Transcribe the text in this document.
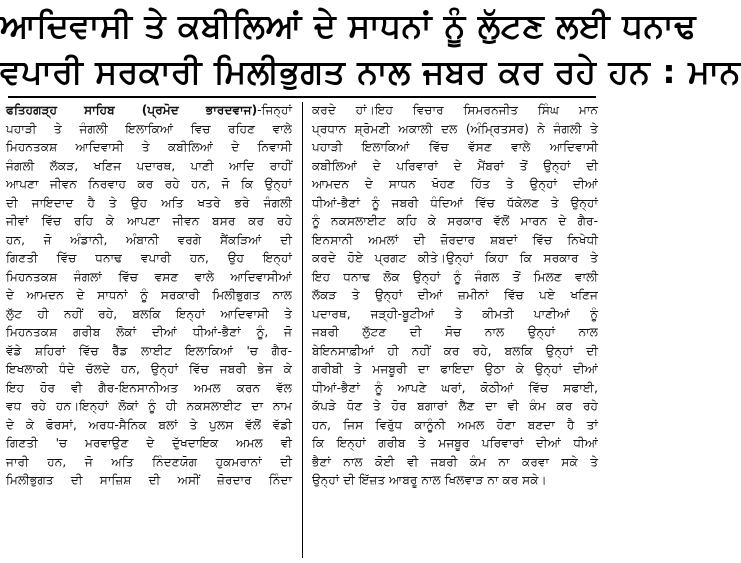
ਆਦਿਵਾਸੀ ਤੇ ਕਬੀਲਿਆਂ ਦੇ ਸਾਧਨਾਂ ਨੂੰ ਲੁੱਟਣ ਲਈ ਧਨਾਢ
ਵਪਾਰੀ ਸਰਕਾਰੀ ਮਿਲੀਭੁਗਤ ਨਾਲ ਜਬਰ ਕਰ ਰਹੇ ਹਨ : ਮਾਨ
ਫਤਿਹਗੜ੍ਹ ਸਾਹਿਬ (ਪ੍ਰਮੋਦ ਭਾਰਦਵਾਜ)-ਜਿਨ੍ਹਾਂ
ਪਹਾੜੀ ਤੇ ਜੰਗਲੀ ਇਲਾਕਿਆਂ ਵਿਚ ਰਹਿਣ ਵਾਲੇ
ਮਿਹਨਤਕਸ਼ ਆਦਿਵਾਸੀ ਤੇ ਕਬੀਲਿਆਂ ਦੇ ਨਿਵਾਸੀ
ਜੰਗਲੀ ਲੱਕੜ, ਖਣਿਜ ਪਦਾਰਥ, ਪਾਣੀ ਆਦਿ ਰਾਹੀਂ
ਆਪਣਾ ਜੀਵਨ ਨਿਰਵਾਹ ਕਰ ਰਹੇ ਹਨ, ਜੋ ਕਿ ਉਨ੍ਹਾਂ
ਦੀ ਜਾਇਦਾਦ ਹੈ ਤੇ ਉਹ ਅਤਿ ਖਤਰੇ ਭਰੇ ਜੰਗਲੀ
ਜੀਵਾਂ ਵਿੱਚ ਰਹਿ ਕੇ ਆਪਣਾ ਜੀਵਨ ਬਸਰ ਕਰ ਰਹੇ
ਹਨ, ਜੋ ਅੰਡਾਨੀ, ਅੰਬਾਨੀ ਵਰਗੇ ਸੈਂਕੜਿਆਂ ਦੀ
ਗਿਣਤੀ ਵਿੱਚ ਧਨਾਢ ਵਪਾਰੀ ਹਨ, ਉਹ ਇਨ੍ਹਾਂ
ਮਿਹਨਤਕਸ਼ ਜੰਗਲਾਂ ਵਿੱਚ ਵਸਣ ਵਾਲੇ ਆਦਿਵਾਸੀਆਂ
ਦੇ ਆਮਦਨ ਦੇ ਸਾਧਨਾਂ ਨੂੰ ਸਰਕਾਰੀ ਮਿਲੀਭੁਗਤ ਨਾਲ
ਲੁੱਟ ਹੀ ਨਹੀਂ ਰਹੇ, ਬਲਕਿ ਇਨ੍ਹਾਂ ਆਦਿਵਾਸੀ ਤੇ
ਮਿਹਨਤਕਸ਼ ਗਰੀਬ ਲੋਕਾਂ ਦੀਆਂ ਧੀਆਂ-ਭੈਣਾਂ ਨੂੰ, ਜੋ
ਵੱਡੇ ਸ਼ਹਿਰਾਂ ਵਿੱਚ ਰੈੱਡ ਲਾਈਟ ਇਲਾਕਿਆਂ 'ਚ ਗੈਰ-
ਇਖਲਾਕੀ ਧੰਦੇ ਚੱਲਦੇ ਹਨ, ਉਨ੍ਹਾਂ ਵਿੱਚ ਜਬਰੀ ਭੇਜ ਕੇ
ਇਹ ਹੋਰ ਵੀ ਗੈਰ-ਇਨਸਾਨੀਅਤ ਅਮਲ ਕਰਨ ਵੱਲ
ਵਧ ਰਹੇ ਹਨ।ਇਨ੍ਹਾਂ ਲੋਕਾਂ ਨੂੰ ਹੀ ਨਕਸਲਾਈਟ ਦਾ ਨਾਮ
ਦੇ ਕੇ ਫੋਰਸਾਂ, ਅਰਧ-ਸੈਨਿਕ ਬਲਾਂ ਤੇ ਪੁਲਸ ਵੱਲੋਂ ਵੱਡੀ
ਗਿਣਤੀ 'ਚ ਮਰਵਾਉਣ ਦੇ ਦੁੱਖਦਾਇਕ ਅਮਲ ਵੀ
ਜਾਰੀ ਹਨ, ਜੋ ਅਤਿ ਨਿੰਦਣਯੋਗ ਹੁਕਮਰਾਨਾਂ ਦੀ
ਮਿਲੀਭੁਗਤ ਦੀ ਸਾਜ਼ਿਸ਼ ਦੀ ਅਸੀਂ ਜ਼ੋਰਦਾਰ ਨਿੰਦਾ
ਕਰਦੇ ਹਾਂ।ਇਹ ਵਿਚਾਰ ਸਿਮਰਨਜੀਤ ਸਿੰਘ ਮਾਨ
ਪ੍ਰਧਾਨ ਸ਼੍ਰੋਮਣੀ ਅਕਾਲੀ ਦਲ (ਅੰਮ੍ਰਿਤਸਰ) ਨੇ ਜੰਗਲੀ ਤੇ
ਪਹਾੜੀ ਇਲਾਕਿਆਂ ਵਿੱਚ ਵੱਸਣ ਵਾਲੇ ਆਦਿਵਾਸੀ
ਕਬੀਲਿਆਂ ਦੇ ਪਰਿਵਾਰਾਂ ਦੇ ਮੈਂਬਰਾਂ ਤੋਂ ਉਨ੍ਹਾਂ ਦੀ
ਆਮਦਨ ਦੇ ਸਾਧਨ ਖੋਹਣ ਹਿੱਤ ਤੇ ਉਨ੍ਹਾਂ ਦੀਆਂ
ਧੀਆਂ-ਭੈਣਾਂ ਨੂੰ ਜਬਰੀ ਧੰਦਿਆਂ ਵਿੱਚ ਧੱਕੇਲਣ ਤੇ ਉਨ੍ਹਾਂ
ਨੂੰ ਨਕਸਲਾਈਟ ਕਹਿ ਕੇ ਸਰਕਾਰ ਵੱਲੋਂ ਮਾਰਨ ਦੇ ਗੈਰ-
ਇਨਸਾਨੀ ਅਮਲਾਂ ਦੀ ਜ਼ੋਰਦਾਰ ਸ਼ਬਦਾਂ ਵਿੱਚ ਨਿਖੇਧੀ
ਕਰਦੇ ਹੋਏ ਪ੍ਰਗਟ ਕੀਤੇ।ਉਨ੍ਹਾਂ ਕਿਹਾ ਕਿ ਸਰਕਾਰ ਤੇ
ਇਹ ਧਨਾਢ ਲੋਕ ਉਨ੍ਹਾਂ ਨੂੰ ਜੰਗਲ ਤੋਂ ਮਿਲਣ ਵਾਲੀ
ਲੱਕੜ ਤੇ ਉਨ੍ਹਾਂ ਦੀਆਂ ਜ਼ਮੀਨਾਂ ਵਿੱਚ ਪਏ ਖਣਿਜ
ਪਦਾਰਥ, ਜੜ੍ਹੀ-ਬੂਟੀਆਂ ਤੇ ਕੀਮਤੀ ਪਾਣੀਆਂ ਨੂੰ
ਜਬਰੀ ਲੁੱਟਣ ਦੀ ਸੋਚ ਨਾਲ ਉਨ੍ਹਾਂ ਨਾਲ
ਬੇਇਨਸਾਫ਼ੀਆਂ ਹੀ ਨਹੀਂ ਕਰ ਰਹੇ, ਬਲਕਿ ਉਨ੍ਹਾਂ ਦੀ
ਗਰੀਬੀ ਤੇ ਮਜਬੂਰੀ ਦਾ ਫਾਇਦਾ ਉਠਾ ਕੇ ਉਨ੍ਹਾਂ ਦੀਆਂ
ਧੀਆਂ-ਭੈਣਾਂ ਨੂੰ ਆਪਣੇ ਘਰਾਂ, ਕੋਠੀਆਂ ਵਿੱਚ ਸਫਾਈ,
ਕੱਪੜੇ ਧੋਣ ਤੇ ਹੋਰ ਬਗਾਰਾਂ ਲੈਣ ਦਾ ਵੀ ਕੰਮ ਕਰ ਰਹੇ
ਹਨ, ਜਿਸ ਵਿਰੁੱਧ ਕਾਨੂੰਨੀ ਅਮਲ ਹੋਣਾ ਬਣਦਾ ਹੈ ਤਾਂ
ਕਿ ਇਨ੍ਹਾਂ ਗਰੀਬ ਤੇ ਮਜਬੂਰ ਪਰਿਵਾਰਾਂ ਦੀਆਂ ਧੀਆਂ
ਭੈਣਾਂ ਨਾਲ ਕੋਈ ਵੀ ਜਬਰੀ ਕੰਮ ਨਾ ਕਰਵਾ ਸਕੇ ਤੇ
ਉਨ੍ਹਾਂ ਦੀ ਇੱਜ਼ਤ ਆਬਰੂ ਨਾਲ ਖਿਲਵਾੜ ਨਾ ਕਰ ਸਕੇ।
